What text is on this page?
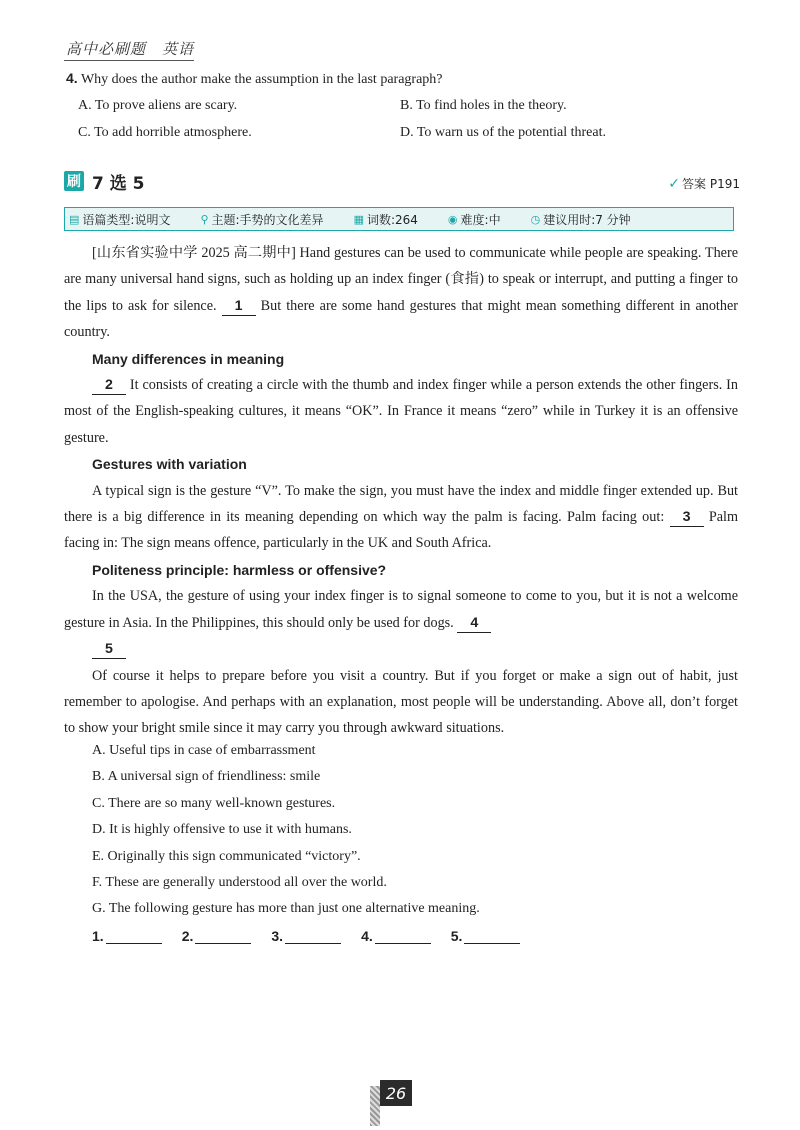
高中必刷题　英语
4. Why does the author make the assumption in the last paragraph?
A. To prove aliens are scary.	B. To find holes in the theory.
C. To add horrible atmosphere.	D. To warn us of the potential threat.
刷 7 选 5	✓ 答案 P191
▤ 语篇类型:说明文	⚲ 主题:手势的文化差异	▦ 词数:264	◉ 难度:中	◷ 建议用时:7 分钟

[山东省实验中学 2025 高二期中] Hand gestures can be used to communicate while people are speaking. There are many universal hand signs, such as holding up an index finger (食指) to speak or interrupt, and putting a finger to the lips to ask for silence. 1 But there are some hand gestures that might mean something different in another country.

Many differences in meaning

2 It consists of creating a circle with the thumb and index finger while a person extends the other fingers. In most of the English-speaking cultures, it means “OK”. In France it means “zero” while in Turkey it is an offensive gesture.

Gestures with variation

A typical sign is the gesture “V”. To make the sign, you must have the index and middle finger extended up. But there is a big difference in its meaning depending on which way the palm is facing. Palm facing out: 3 Palm facing in: The sign means offence, particularly in the UK and South Africa.

Politeness principle: harmless or offensive?

In the USA, the gesture of using your index finger is to signal someone to come to you, but it is not a welcome gesture in Asia. In the Philippines, this should only be used for dogs. 4

5

Of course it helps to prepare before you visit a country. But if you forget or make a sign out of habit, just remember to apologise. And perhaps with an explanation, most people will be understanding. Above all, don’t forget to show your bright smile since it may carry you through awkward situations.

A. Useful tips in case of embarrassment
B. A universal sign of friendliness: smile
C. There are so many well-known gestures.
D. It is highly offensive to use it with humans.
E. Originally this sign communicated “victory”.
F. These are generally understood all over the world.
G. The following gesture has more than just one alternative meaning.
1.	2.	3.	4.	5.
26
